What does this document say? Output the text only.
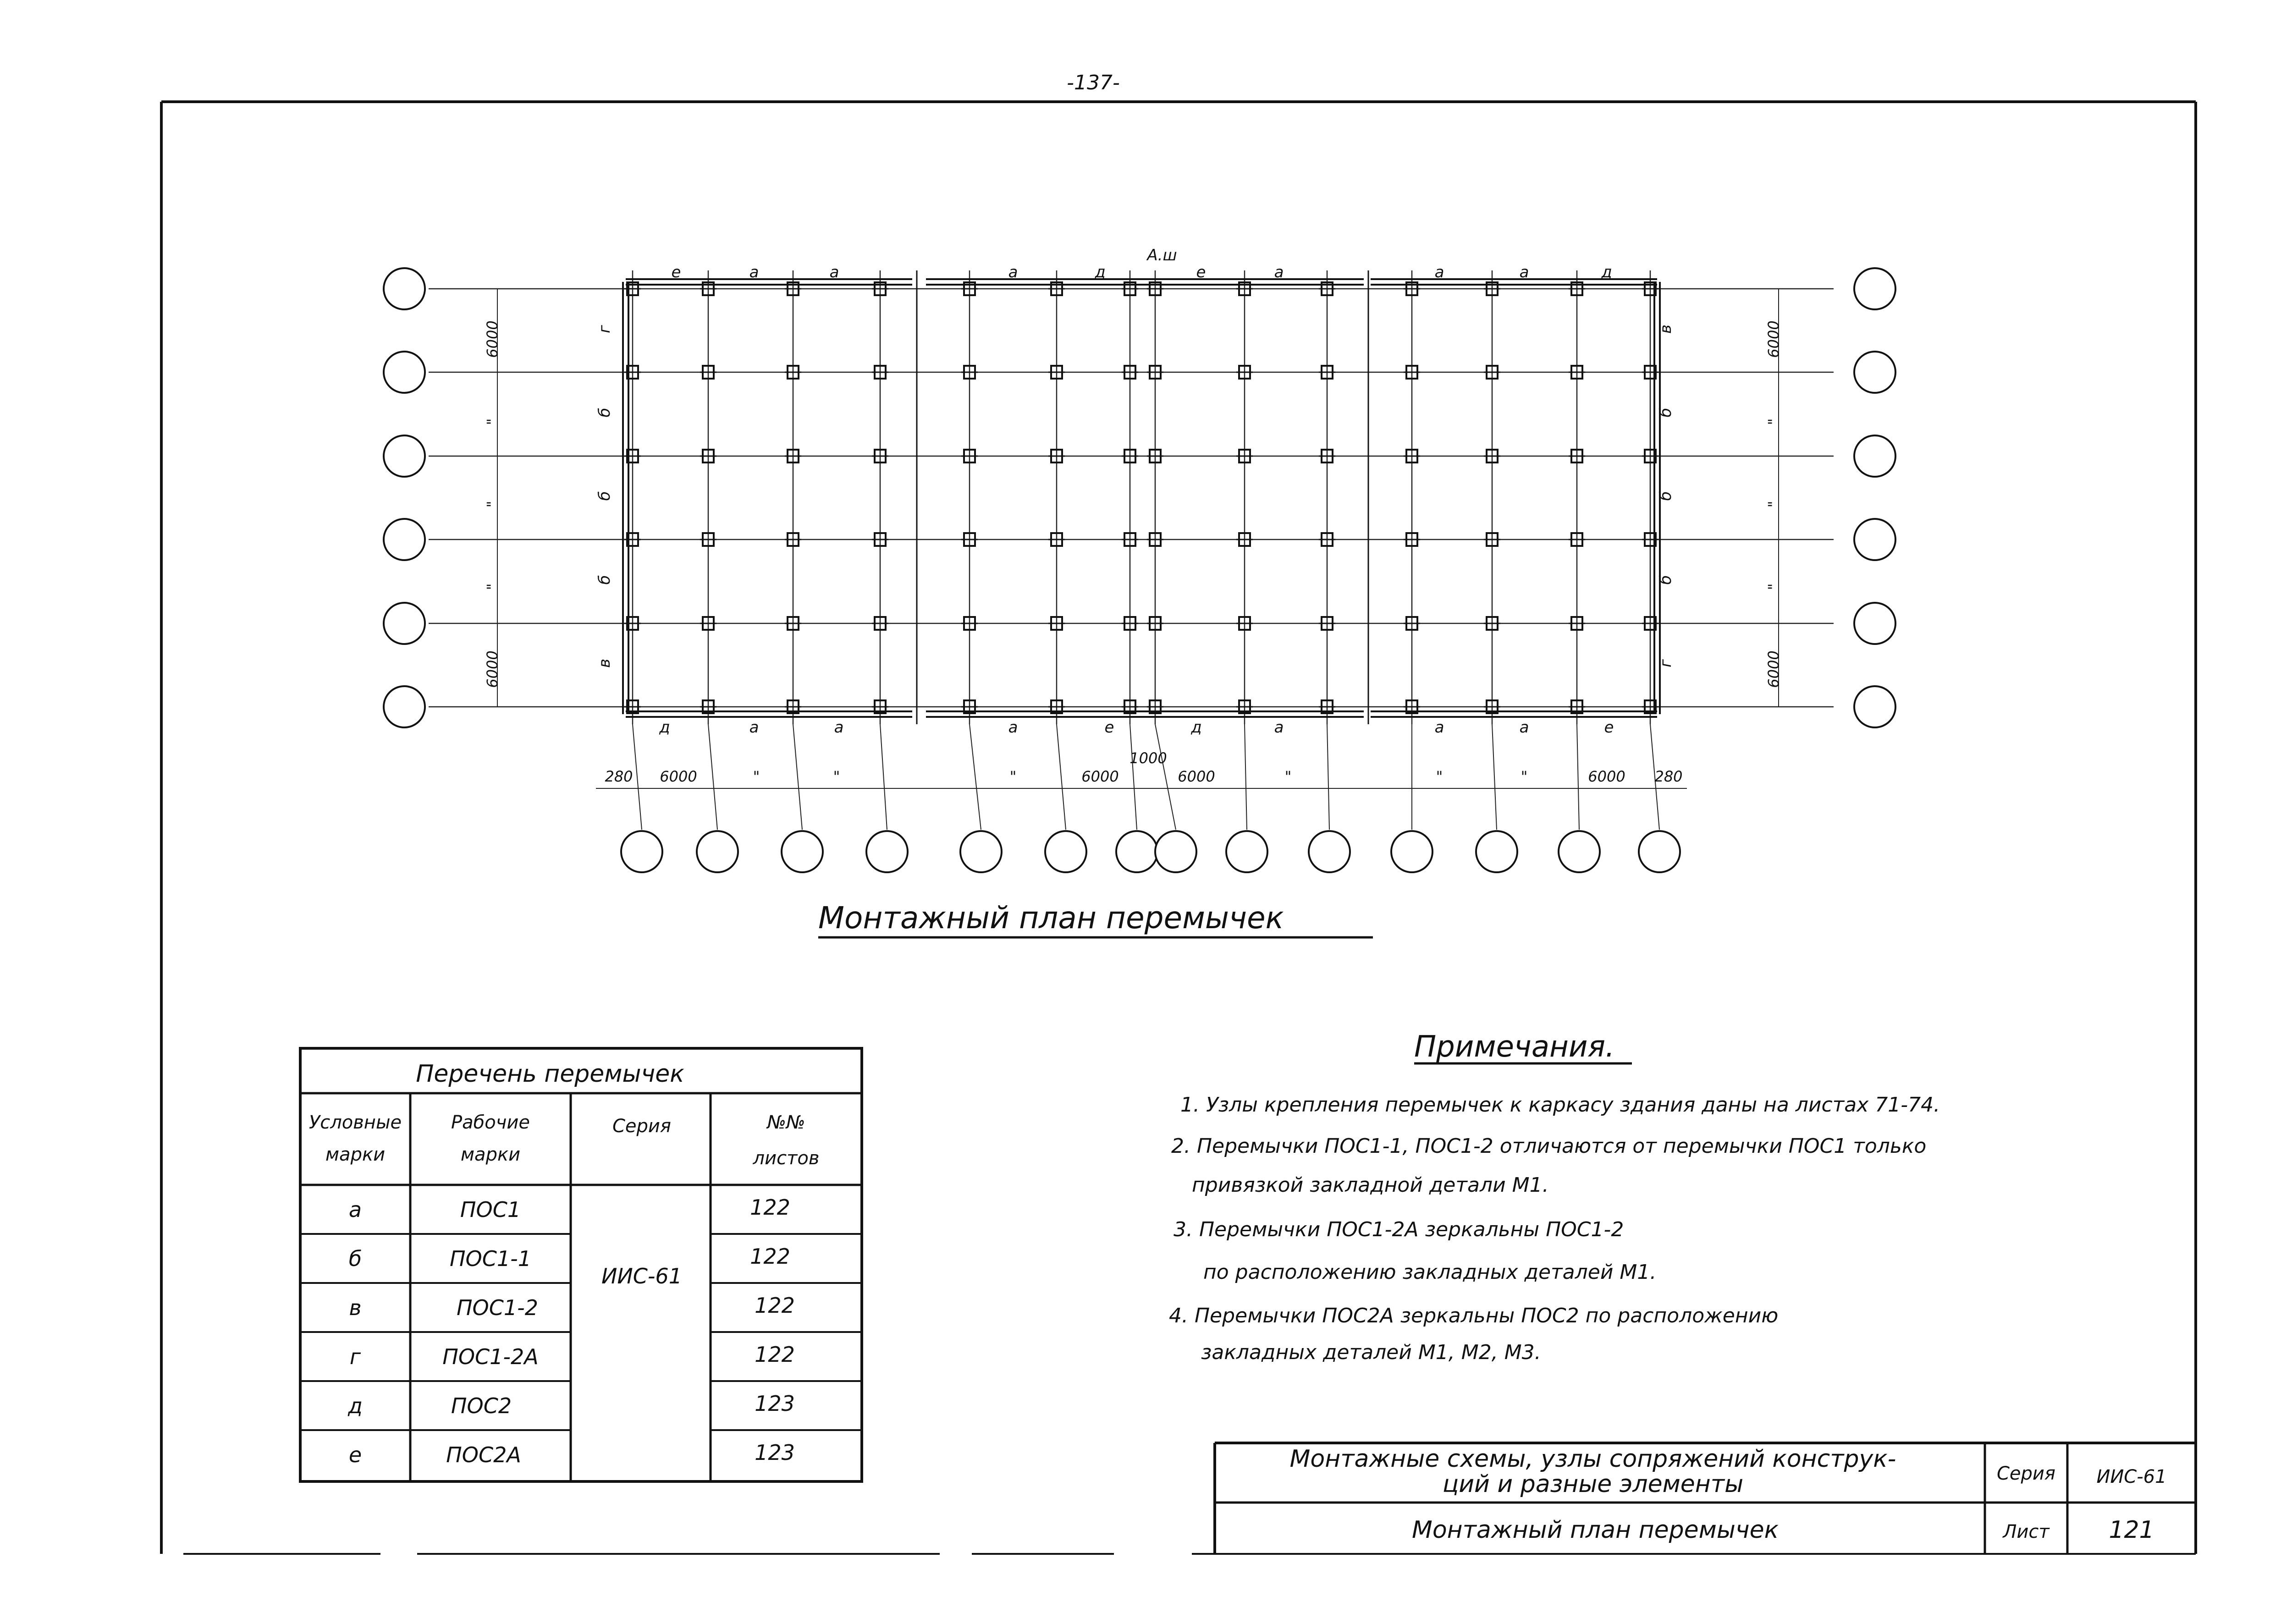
-137-
е	а	а	а	д	е	а	а	а	д
А.ш
д	а	а	а	е	д	а	а	а	е
г
б
б
б
в
в
б
б
б
г
6000
"
"
"
6000
6000
"
"
"
6000
280 6000	"	"	"	6000
1000
6000	"	"	"	6000 280
Монтажный план перемычек
Перечень перемычек
Условные
марки
Рабочие
марки
Серия	№№
листов
ИИС-61
а	ПОС1	122
б	ПОС1-1	122
в	ПОС1-2	122
г	ПОС1-2А	122
д	ПОС2	123
е	ПОС2А	123
Примечания.
1. Узлы крепления перемычек к каркасу здания даны на листах 71-74.
2. Перемычки ПОС1-1, ПОС1-2 отличаются от перемычки ПОС1 только
привязкой закладной детали М1.
3. Перемычки ПОС1-2А зеркальны ПОС1-2
по расположению закладных деталей М1.
4. Перемычки ПОС2А зеркальны ПОС2 по расположению
закладных деталей М1, М2, М3.
Монтажные схемы, узлы сопряжений конструк-
ций и разные элементы	Серия ИИС-61
Монтажный план перемычек	Лист 121
